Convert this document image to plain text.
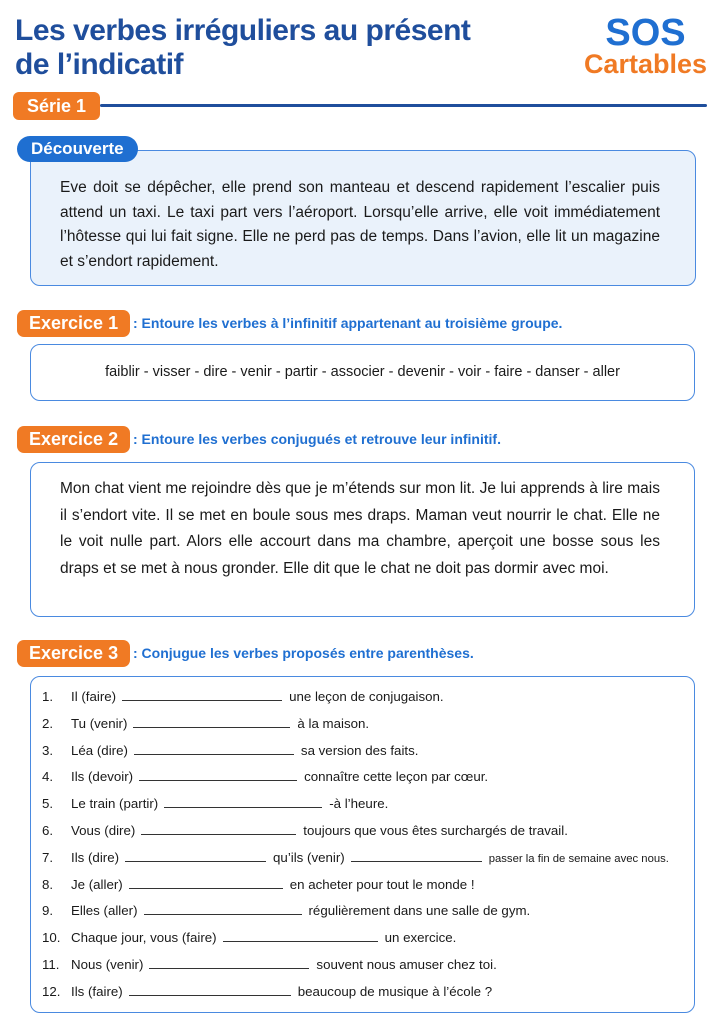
Les verbes irréguliers au présent
de l’indicatif
SOS
Cartables
Série 1
Découverte
Eve doit se dépêcher, elle prend son manteau et descend rapidement l’escalier puis attend un taxi. Le taxi part vers l’aéroport. Lorsqu’elle arrive, elle voit immédiatement l’hôtesse qui lui fait signe. Elle ne perd pas de temps. Dans l’avion, elle lit un magazine et s’endort rapidement.
Exercice 1	: Entoure les verbes à l’infinitif appartenant au troisième groupe.
faiblir - visser - dire - venir - partir - associer - devenir - voir - faire - danser - aller
Exercice 2	: Entoure les verbes conjugués et retrouve leur infinitif.
Mon chat vient me rejoindre dès que je m’étends sur mon lit. Je lui apprends à lire mais il s’endort vite. Il se met en boule sous mes draps. Maman veut nourrir le chat. Elle ne le voit nulle part. Alors elle accourt dans ma chambre, aperçoit une bosse sous les draps et se met à nous gronder. Elle dit que le chat ne doit pas dormir avec moi.
Exercice 3	: Conjugue les verbes proposés entre parenthèses.
1.	Il (faire)	une leçon de conjugaison.
2.	Tu (venir)	à la maison.
3.	Léa (dire)	sa version des faits.
4.	Ils (devoir)	connaître cette leçon par cœur.
5.	Le train (partir)	-à l’heure.
6.	Vous (dire)	toujours que vous êtes surchargés de travail.
7.	Ils (dire)	qu’ils (venir)	passer la fin de semaine avec nous.
8.	Je (aller)	en acheter pour tout le monde !
9.	Elles (aller)	régulièrement dans une salle de gym.
10. Chaque jour, vous (faire)	un exercice.
11. Nous (venir)	souvent nous amuser chez toi.
12. Ils (faire)	beaucoup de musique à l’école ?
